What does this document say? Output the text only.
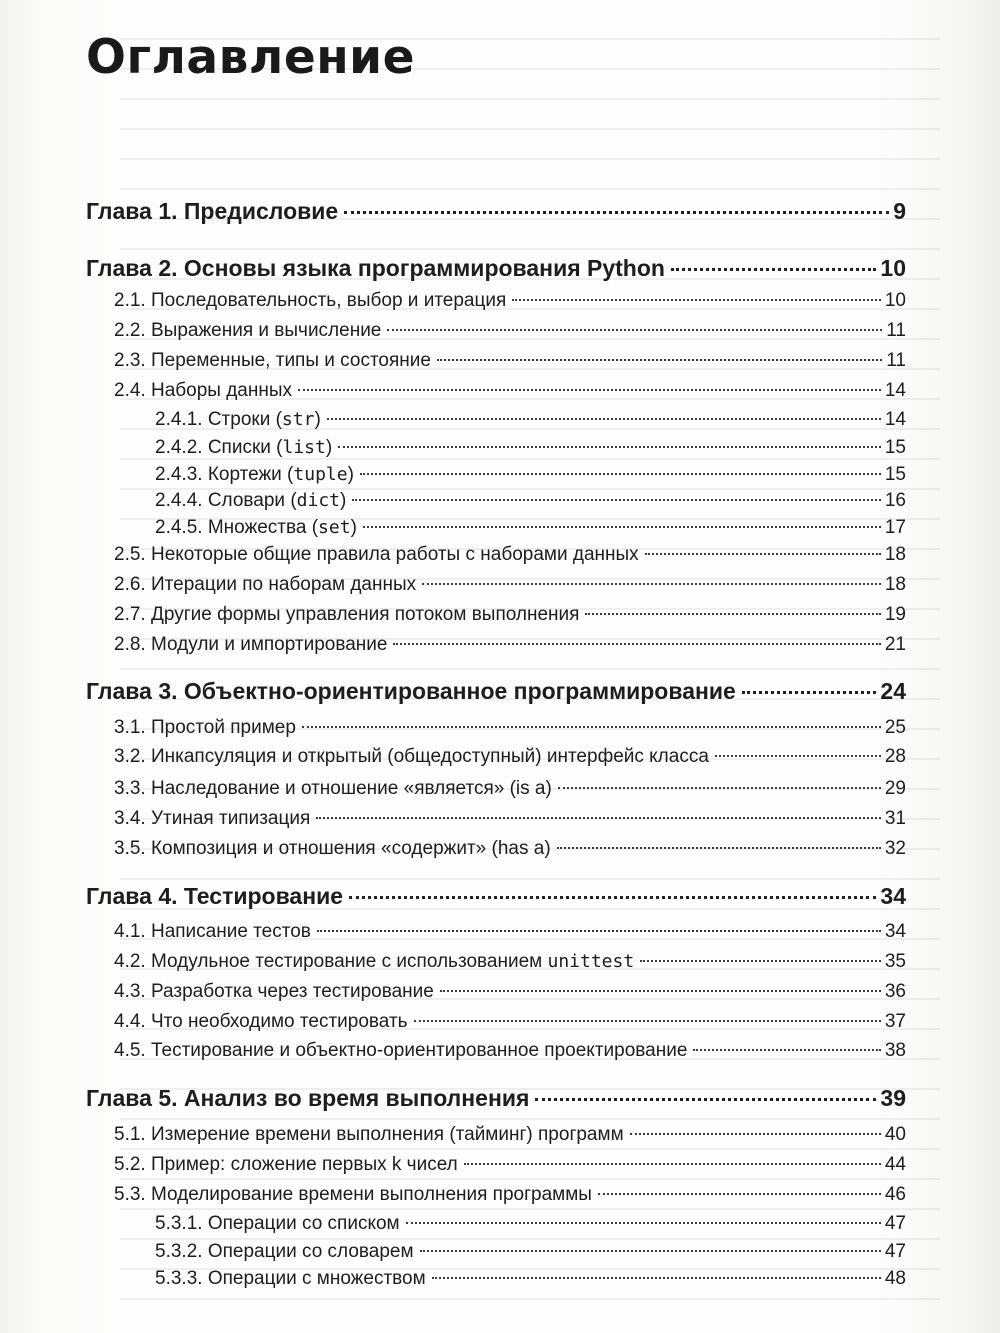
Оглавление
Глава 1. Предисловие	9
Глава 2. Основы языка программирования Python	10
2.1. Последовательность, выбор и итерация	10
2.2. Выражения и вычисление	11
2.3. Переменные, типы и состояние	11
2.4. Наборы данных	14
2.4.1. Строки (str)	14
2.4.2. Списки (list)	15
2.4.3. Кортежи (tuple)	15
2.4.4. Словари (dict)	16
2.4.5. Множества (set)	17
2.5. Некоторые общие правила работы с наборами данных	18
2.6. Итерации по наборам данных	18
2.7. Другие формы управления потоком выполнения	19
2.8. Модули и импортирование	21
Глава 3. Объектно-ориентированное программирование	24
3.1. Простой пример	25
3.2. Инкапсуляция и открытый (общедоступный) интерфейс класса	28
3.3. Наследование и отношение «является» (is a)	29
3.4. Утиная типизация	31
3.5. Композиция и отношения «содержит» (has a)	32
Глава 4. Тестирование	34
4.1. Написание тестов	34
4.2. Модульное тестирование с использованием unittest	35
4.3. Разработка через тестирование	36
4.4. Что необходимо тестировать	37
4.5. Тестирование и объектно-ориентированное проектирование	38
Глава 5. Анализ во время выполнения	39
5.1. Измерение времени выполнения (тайминг) программ	40
5.2. Пример: сложение первых k чисел	44
5.3. Моделирование времени выполнения программы	46
5.3.1. Операции со списком	47
5.3.2. Операции со словарем	47
5.3.3. Операции с множеством	48
